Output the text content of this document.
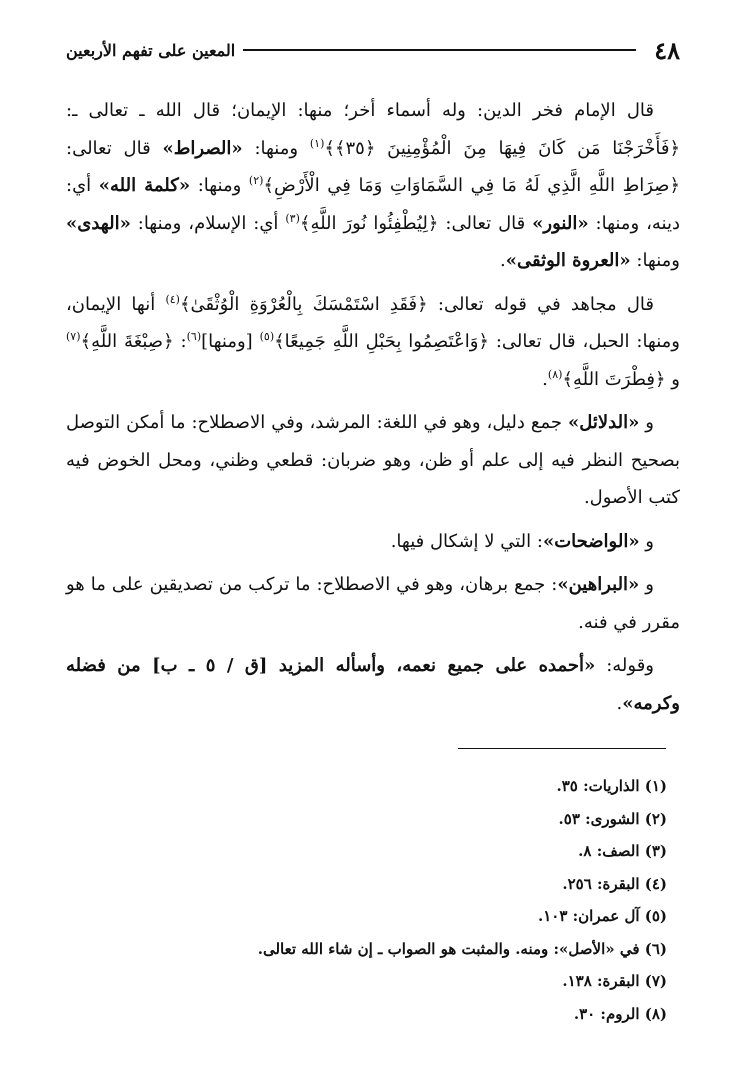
٤٨
المعين على تفهم الأربعين

قال الإمام فخر الدين: وله أسماء أخر؛ منها: الإيمان؛ قال الله ـ تعالى ـ: ﴿فَأَخْرَجْنَا مَن كَانَ فِيهَا مِنَ الْمُؤْمِنِينَ ﴿٣٥﴾﴾$^{(١)}$ ومنها: «الصراط» قال تعالى: ﴿صِرَاطِ اللَّهِ الَّذِي لَهُ مَا فِي السَّمَاوَاتِ وَمَا فِي الْأَرْضِ﴾$^{(٢)}$ ومنها: «كلمة الله» أي: دينه، ومنها: «النور» قال تعالى: ﴿لِيُطْفِئُوا نُورَ اللَّهِ﴾$^{(٣)}$ أي: الإسلام، ومنها: «الهدى» ومنها: «العروة الوثقى».

قال مجاهد في قوله تعالى: ﴿فَقَدِ اسْتَمْسَكَ بِالْعُرْوَةِ الْوُثْقَىٰ﴾$^{(٤)}$ أنها الإيمان، ومنها: الحبل، قال تعالى: ﴿وَاعْتَصِمُوا بِحَبْلِ اللَّهِ جَمِيعًا﴾$^{(٥)}$ [ومنها]$^{(٦)}$: ﴿صِبْغَةَ اللَّهِ﴾$^{(٧)}$ و ﴿فِطْرَتَ اللَّهِ﴾$^{(٨)}$.

و «الدلائل» جمع دليل، وهو في اللغة: المرشد، وفي الاصطلاح: ما أمكن التوصل بصحيح النظر فيه إلى علم أو ظن، وهو ضربان: قطعي وظني، ومحل الخوض فيه كتب الأصول.

و «الواضحات»: التي لا إشكال فيها.

و «البراهين»: جمع برهان، وهو في الاصطلاح: ما تركب من تصديقين على ما هو مقرر في فنه.

وقوله: «أحمده على جميع نعمه، وأسأله المزيد [ق / ٥ ـ ب] من فضله وكرمه».

(١) الذاريات: ٣٥.
(٢) الشورى: ٥٣.
(٣) الصف: ٨.
(٤) البقرة: ٢٥٦.
(٥) آل عمران: ١٠٣.
(٦) في «الأصل»: ومنه. والمثبت هو الصواب ـ إن شاء الله تعالى.
(٧) البقرة: ١٣٨.
(٨) الروم: ٣٠.
